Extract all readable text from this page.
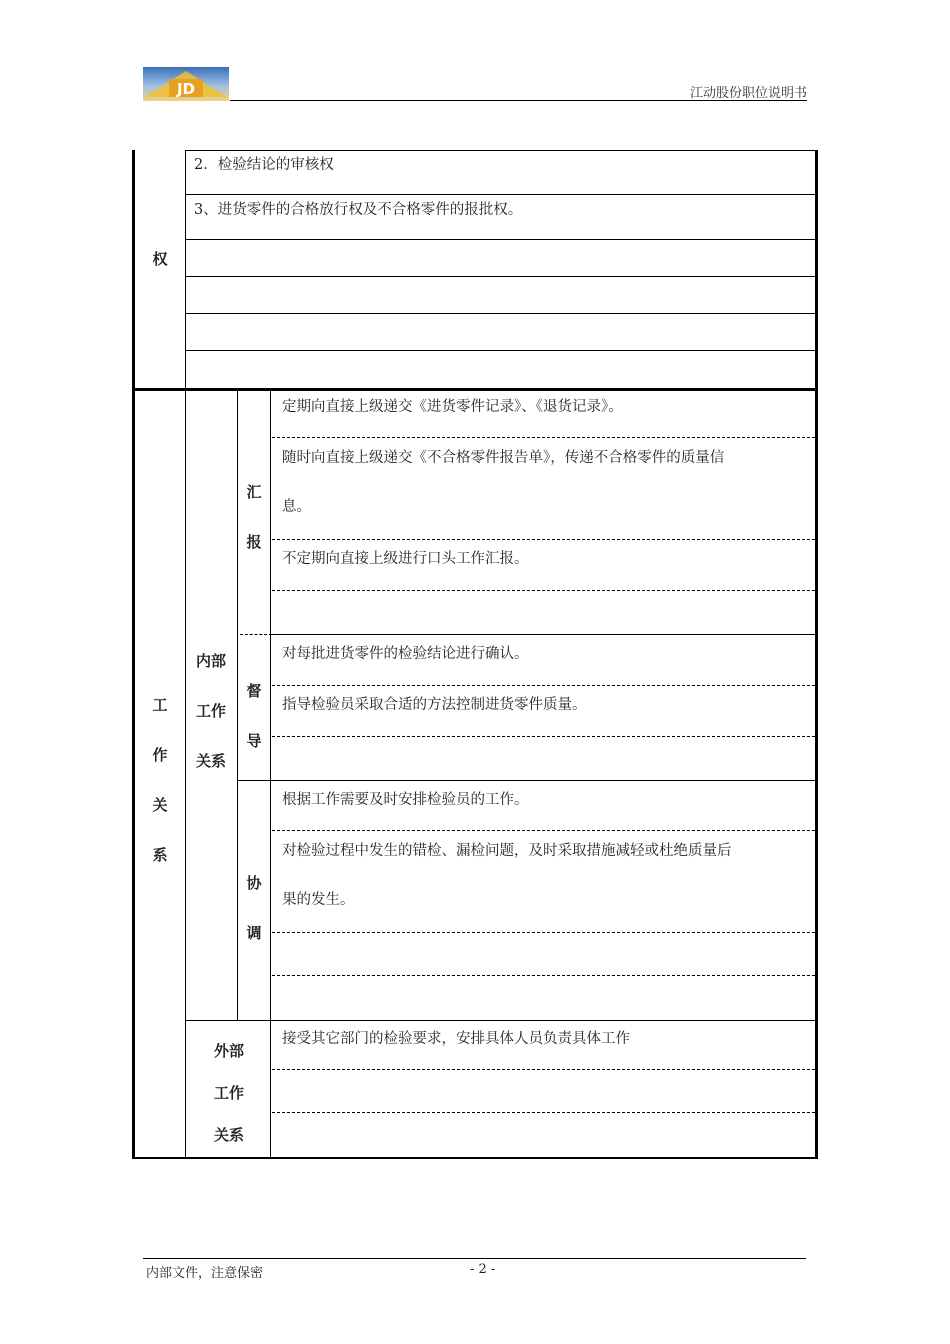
JD	江动股份职位说明书
权
2．检验结论的审核权
3、进货零件的合格放行权及不合格零件的报批权。
工
作
关
系
内部
工作
关系
汇
报
定期向直接上级递交《进货零件记录》、《退货记录》。
随时向直接上级递交《不合格零件报告单》，传递不合格零件的质量信
息。
不定期向直接上级进行口头工作汇报。
督
导
对每批进货零件的检验结论进行确认。
指导检验员采取合适的方法控制进货零件质量。
协
调
根据工作需要及时安排检验员的工作。
对检验过程中发生的错检、漏检问题，及时采取措施减轻或杜绝质量后
果的发生。
外部
工作
关系
接受其它部门的检验要求，安排具体人员负责具体工作
内部文件，注意保密	- 2 -
